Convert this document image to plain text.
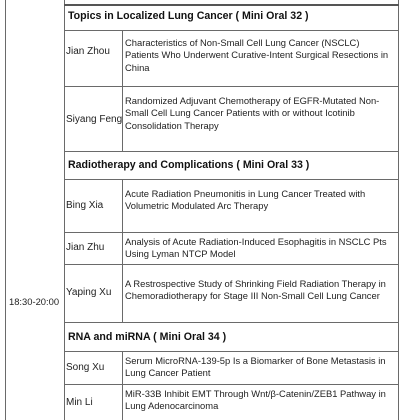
18:30-20:00
Topics in Localized Lung Cancer ( Mini Oral 32 )
Jian Zhou
Characteristics of Non-Small Cell Lung Cancer (NSCLC) Patients Who Underwent Curative-Intent Surgical Resections in China
Siyang Feng
Randomized Adjuvant Chemotherapy of EGFR-Mutated Non-Small Cell Lung Cancer Patients with or without Icotinib Consolidation Therapy
Radiotherapy and Complications ( Mini Oral 33 )
Bing Xia
Acute Radiation Pneumonitis in Lung Cancer Treated with Volumetric Modulated Arc Therapy
Jian Zhu
Analysis of Acute Radiation-Induced Esophagitis in NSCLC Pts Using Lyman NTCP Model
Yaping Xu
A Restrospective Study of Shrinking Field Radiation Therapy in Chemoradiotherapy for Stage III Non-Small Cell Lung Cancer
RNA and miRNA ( Mini Oral 34 )
Song Xu
Serum MicroRNA-139-5p Is a Biomarker of Bone Metastasis in Lung Cancer Patient
Min Li
MiR-33B Inhibit EMT Through Wnt/β-Catenin/ZEB1 Pathway in Lung Adenocarcinoma
